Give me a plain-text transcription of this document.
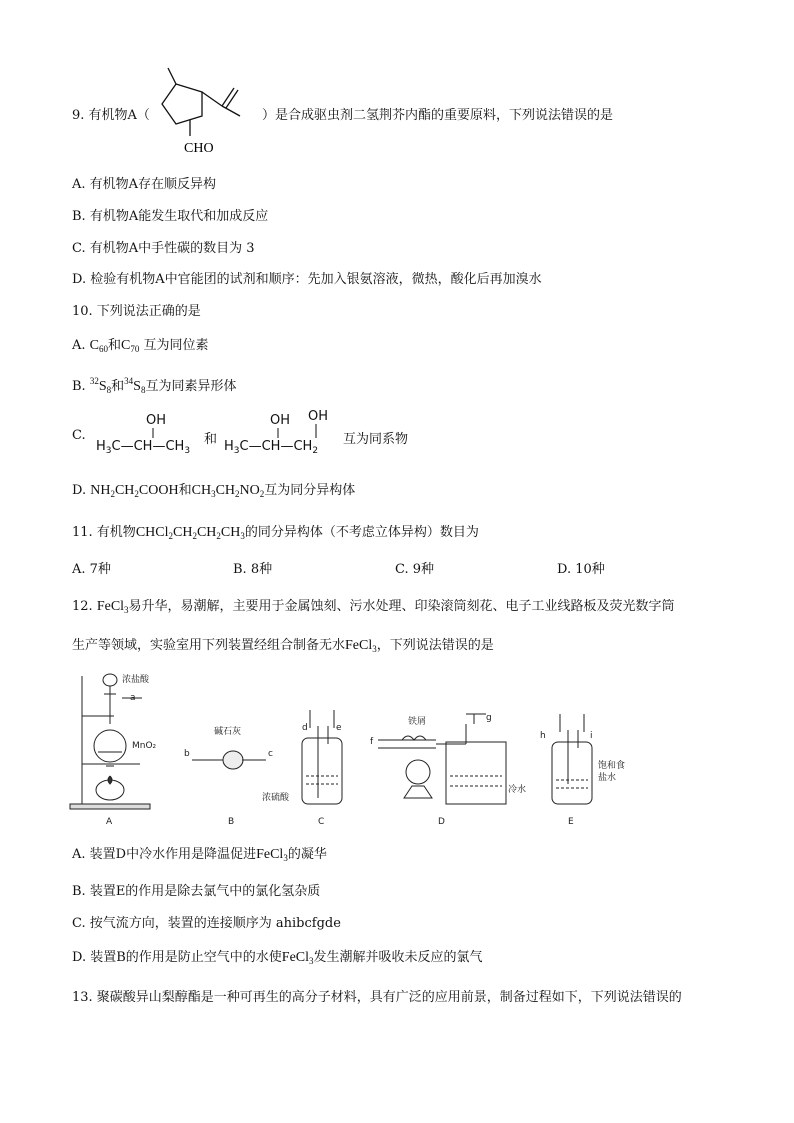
9. 有机物A（
CHO
）是合成驱虫剂二氢荆芥内酯的重要原料，下列说法错误的是
A. 有机物A存在顺反异构
B. 有机物A能发生取代和加成反应
C. 有机物A中手性碳的数目为 3
D. 检验有机物A中官能团的试剂和顺序：先加入银氨溶液，微热，酸化后再加溴水
10. 下列说法正确的是
A. $C_{60}$和$C_{70}$ 互为同位素
B. $^{32}S_8$和$^{34}S_8$互为同素异形体
C.
OH
$H_3C—CH—CH_3$
OH OH
$H_3C—CH—CH_2$
和	互为同系物
D. $NH_2CH_2COOH$和$CH_3CH_2NO_2$互为同分异构体
11. 有机物$CHCl_2CH_2CH_2CH_3$的同分异构体（不考虑立体异构）数目为
A. 7种	B. 8种	C. 9种	D. 10种
12. FeCl$_3$易升华，易潮解，主要用于金属蚀刻、污水处理、印染滚筒刻花、电子工业线路板及荧光数字筒
生产等领域，实验室用下列装置经组合制备无水FeCl$_3$，下列说法错误的是
浓盐酸
a
MnO₂
碱石灰
b	c
d	e
浓硫酸
f
铁屑	g
冷水
h	i
饱和食
盐水
A	B	C	D	E
A. 装置D中冷水作用是降温促进FeCl$_3$的凝华
B. 装置E的作用是除去氯气中的氯化氢杂质
C. 按气流方向，装置的连接顺序为 ahibcfgde
D. 装置B的作用是防止空气中的水使FeCl$_3$发生潮解并吸收未反应的氯气
13. 聚碳酸异山梨醇酯是一种可再生的高分子材料，具有广泛的应用前景，制备过程如下，下列说法错误的
